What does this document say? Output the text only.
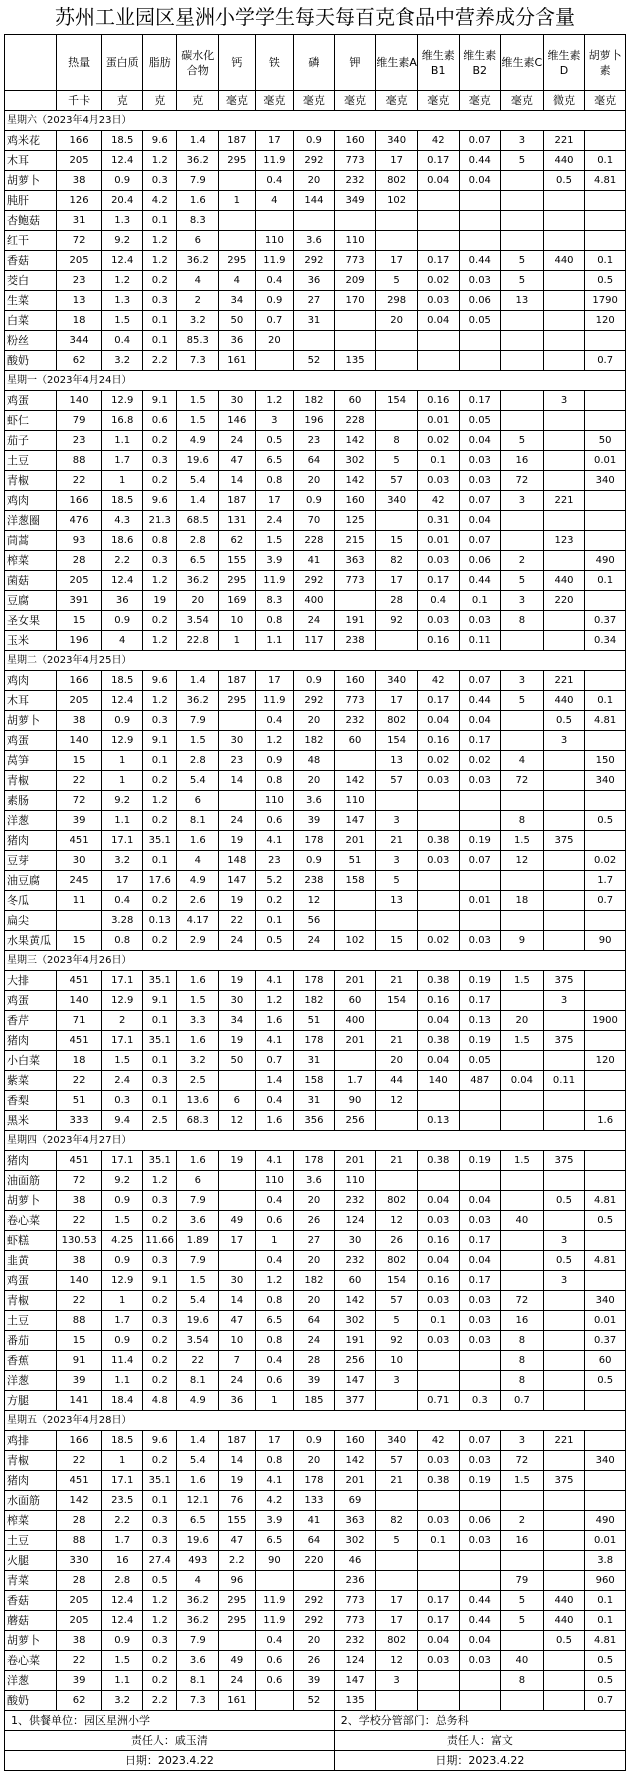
苏州工业园区星洲小学学生每天每百克食品中营养成分含量
	热量	蛋白质	脂肪	碳水化合物	钙	铁	磷	钾	维生素A	维生素B1	维生素B2	维生素C	维生素D	胡萝卜素
	千卡	克	克	克	毫克	毫克	毫克	毫克	毫克	毫克	毫克	毫克	微克	毫克
星期六（2023年4月23日）														
鸡米花	166	18.5	9.6	1.4	187	17	0.9	160	340	42	0.07	3	221	
木耳	205	12.4	1.2	36.2	295	11.9	292	773	17	0.17	0.44	5	440	0.1
胡萝卜	38	0.9	0.3	7.9		0.4	20	232	802	0.04	0.04		0.5	4.81
肫肝	126	20.4	4.2	1.6	1	4	144	349	102					
杏鲍菇	31	1.3	0.1	8.3										
红干	72	9.2	1.2	6		110	3.6	110						
香菇	205	12.4	1.2	36.2	295	11.9	292	773	17	0.17	0.44	5	440	0.1
茭白	23	1.2	0.2	4	4	0.4	36	209	5	0.02	0.03	5		0.5
生菜	13	1.3	0.3	2	34	0.9	27	170	298	0.03	0.06	13		1790
白菜	18	1.5	0.1	3.2	50	0.7	31		20	0.04	0.05			120
粉丝	344	0.4	0.1	85.3	36	20								
酸奶	62	3.2	2.2	7.3	161		52	135						0.7
星期一（2023年4月24日）														
鸡蛋	140	12.9	9.1	1.5	30	1.2	182	60	154	0.16	0.17		3	
虾仁	79	16.8	0.6	1.5	146	3	196	228		0.01	0.05			
茄子	23	1.1	0.2	4.9	24	0.5	23	142	8	0.02	0.04	5		50
土豆	88	1.7	0.3	19.6	47	6.5	64	302	5	0.1	0.03	16		0.01
青椒	22	1	0.2	5.4	14	0.8	20	142	57	0.03	0.03	72		340
鸡肉	166	18.5	9.6	1.4	187	17	0.9	160	340	42	0.07	3	221	
洋葱圈	476	4.3	21.3	68.5	131	2.4	70	125		0.31	0.04			
茼蒿	93	18.6	0.8	2.8	62	1.5	228	215	15	0.01	0.07		123	
榨菜	28	2.2	0.3	6.5	155	3.9	41	363	82	0.03	0.06	2		490
菌菇	205	12.4	1.2	36.2	295	11.9	292	773	17	0.17	0.44	5	440	0.1
豆腐	391	36	19	20	169	8.3	400		28	0.4	0.1	3	220	
圣女果	15	0.9	0.2	3.54	10	0.8	24	191	92	0.03	0.03	8		0.37
玉米	196	4	1.2	22.8	1	1.1	117	238		0.16	0.11			0.34
星期二（2023年4月25日）														
鸡肉	166	18.5	9.6	1.4	187	17	0.9	160	340	42	0.07	3	221	
木耳	205	12.4	1.2	36.2	295	11.9	292	773	17	0.17	0.44	5	440	0.1
胡萝卜	38	0.9	0.3	7.9		0.4	20	232	802	0.04	0.04		0.5	4.81
鸡蛋	140	12.9	9.1	1.5	30	1.2	182	60	154	0.16	0.17		3	
莴笋	15	1	0.1	2.8	23	0.9	48		13	0.02	0.02	4		150
青椒	22	1	0.2	5.4	14	0.8	20	142	57	0.03	0.03	72		340
素肠	72	9.2	1.2	6		110	3.6	110						
洋葱	39	1.1	0.2	8.1	24	0.6	39	147	3			8		0.5
猪肉	451	17.1	35.1	1.6	19	4.1	178	201	21	0.38	0.19	1.5	375	
豆芽	30	3.2	0.1	4	148	23	0.9	51	3	0.03	0.07	12		0.02
油豆腐	245	17	17.6	4.9	147	5.2	238	158	5					1.7
冬瓜	11	0.4	0.2	2.6	19	0.2	12		13		0.01	18		0.7
扁尖		3.28	0.13	4.17	22	0.1	56							
水果黄瓜	15	0.8	0.2	2.9	24	0.5	24	102	15	0.02	0.03	9		90
星期三（2023年4月26日）														
大排	451	17.1	35.1	1.6	19	4.1	178	201	21	0.38	0.19	1.5	375	
鸡蛋	140	12.9	9.1	1.5	30	1.2	182	60	154	0.16	0.17		3	
香芹	71	2	0.1	3.3	34	1.6	51	400		0.04	0.13	20		1900
猪肉	451	17.1	35.1	1.6	19	4.1	178	201	21	0.38	0.19	1.5	375	
小白菜	18	1.5	0.1	3.2	50	0.7	31		20	0.04	0.05			120
紫菜	22	2.4	0.3	2.5		1.4	158	1.7	44	140	487	0.04	0.11	
香梨	51	0.3	0.1	13.6	6	0.4	31	90	12					
黑米	333	9.4	2.5	68.3	12	1.6	356	256		0.13				1.6
星期四（2023年4月27日）														
猪肉	451	17.1	35.1	1.6	19	4.1	178	201	21	0.38	0.19	1.5	375	
油面筋	72	9.2	1.2	6		110	3.6	110						
胡萝卜	38	0.9	0.3	7.9		0.4	20	232	802	0.04	0.04		0.5	4.81
卷心菜	22	1.5	0.2	3.6	49	0.6	26	124	12	0.03	0.03	40		0.5
虾糕	130.53	4.25	11.66	1.89	17	1	27	30	26	0.16	0.17		3	
韭黄	38	0.9	0.3	7.9		0.4	20	232	802	0.04	0.04		0.5	4.81
鸡蛋	140	12.9	9.1	1.5	30	1.2	182	60	154	0.16	0.17		3	
青椒	22	1	0.2	5.4	14	0.8	20	142	57	0.03	0.03	72		340
土豆	88	1.7	0.3	19.6	47	6.5	64	302	5	0.1	0.03	16		0.01
番茄	15	0.9	0.2	3.54	10	0.8	24	191	92	0.03	0.03	8		0.37
香蕉	91	11.4	0.2	22	7	0.4	28	256	10			8		60
洋葱	39	1.1	0.2	8.1	24	0.6	39	147	3			8		0.5
方腿	141	18.4	4.8	4.9	36	1	185	377		0.71	0.3	0.7		
星期五（2023年4月28日）														
鸡排	166	18.5	9.6	1.4	187	17	0.9	160	340	42	0.07	3	221	
青椒	22	1	0.2	5.4	14	0.8	20	142	57	0.03	0.03	72		340
猪肉	451	17.1	35.1	1.6	19	4.1	178	201	21	0.38	0.19	1.5	375	
水面筋	142	23.5	0.1	12.1	76	4.2	133	69						
榨菜	28	2.2	0.3	6.5	155	3.9	41	363	82	0.03	0.06	2		490
土豆	88	1.7	0.3	19.6	47	6.5	64	302	5	0.1	0.03	16		0.01
火腿	330	16	27.4	493	2.2	90	220	46						3.8
青菜	28	2.8	0.5	4	96			236				79		960
香菇	205	12.4	1.2	36.2	295	11.9	292	773	17	0.17	0.44	5	440	0.1
蘑菇	205	12.4	1.2	36.2	295	11.9	292	773	17	0.17	0.44	5	440	0.1
胡萝卜	38	0.9	0.3	7.9		0.4	20	232	802	0.04	0.04		0.5	4.81
卷心菜	22	1.5	0.2	3.6	49	0.6	26	124	12	0.03	0.03	40		0.5
洋葱	39	1.1	0.2	8.1	24	0.6	39	147	3			8		0.5
酸奶	62	3.2	2.2	7.3	161		52	135						0.7
1、供餐单位：园区星洲小学								2、学校分管部门：总务科						
责任人：戚玉清								责任人：富文						
日期：2023.4.22								日期：2023.4.22						
